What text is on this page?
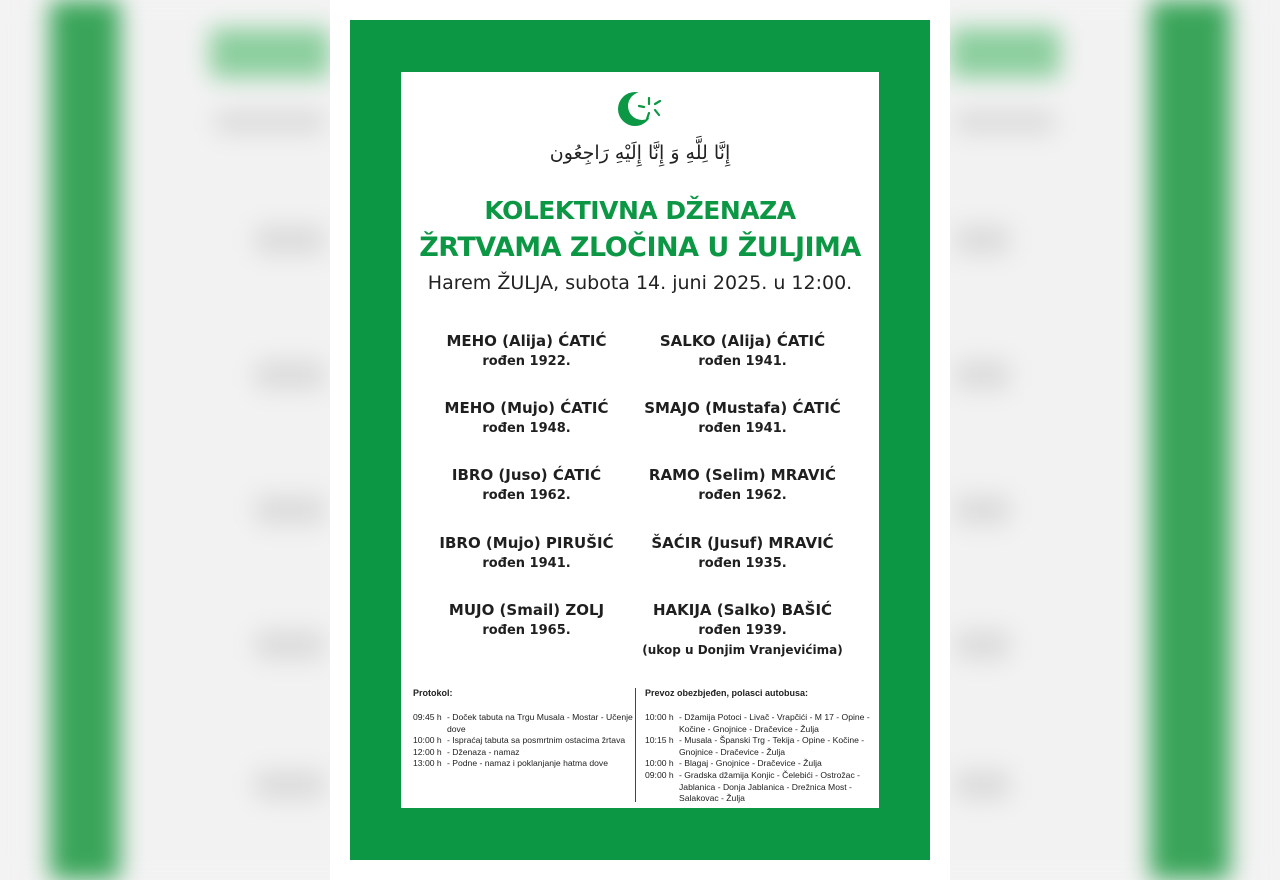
إِنَّا لِلَّهِ وَ إِنَّا إِلَيْهِ رَاجِعُون
KOLEKTIVNA DŽENAZA
ŽRTVAMA ZLOČINA U ŽULJIMA
Harem ŽULJA, subota 14. juni 2025. u 12:00.
MEHO (Alija) ĆATIĆ
rođen 1922.
SALKO (Alija) ĆATIĆ
rođen 1941.
MEHO (Mujo) ĆATIĆ
rođen 1948.
SMAJO (Mustafa) ĆATIĆ
rođen 1941.
IBRO (Juso) ĆATIĆ
rođen 1962.
RAMO (Selim) MRAVIĆ
rođen 1962.
IBRO (Mujo) PIRUŠIĆ
rođen 1941.
ŠAĆIR (Jusuf) MRAVIĆ
rođen 1935.
MUJO (Smail) ZOLJ
rođen 1965.
HAKIJA (Salko) BAŠIĆ
rođen 1939.
(ukop u Donjim Vranjevićima)
Protokol:
09:45 h - Doček tabuta na Trgu Musala - Mostar - Učenje dove
10:00 h - Ispraćaj tabuta sa posmrtnim ostacima žrtava
12:00 h - Dženaza - namaz
13:00 h - Podne - namaz i poklanjanje hatma dove
Prevoz obezbjeđen, polasci autobusa:
10:00 h - Džamija Potoci - Livač - Vrapčići - M 17 - Opine - Kočine - Gnojnice - Dračevice - Žulja
10:15 h - Musala - Španski Trg - Tekija - Opine - Kočine - Gnojnice - Dračevice - Žulja
10:00 h - Blagaj - Gnojnice - Dračevice - Žulja
09:00 h - Gradska džamija Konjic - Čelebići - Ostrožac - Jablanica - Donja Jablanica - Drežnica Most - Salakovac - Žulja
